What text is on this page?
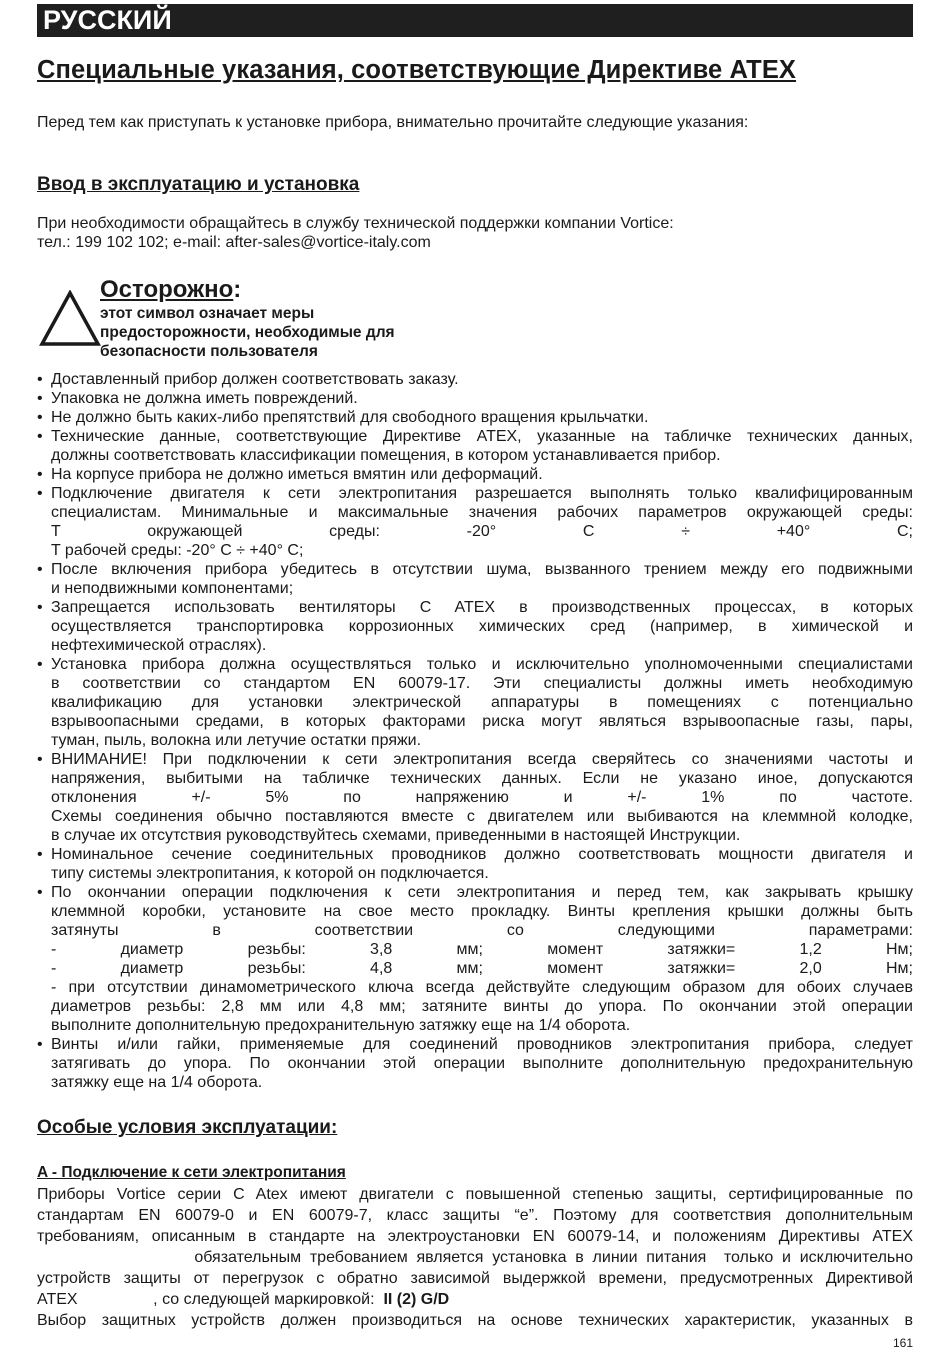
РУССКИЙ
Специальные указания, соответствующие Директиве ATEX

Перед тем как приступать к установке прибора, внимательно прочитайте следующие указания:

Ввод в эксплуатацию и установка

При необходимости обращайтесь в службу технической поддержки компании Vortice:

тел.: 199 102 102; e-mail: after-sales@vortice-italy.com

Осторожно:

этот символ означает меры
предосторожности, необходимые для
безопасности пользователя

• Доставленный прибор должен соответствовать заказу.
• Упаковка не должна иметь повреждений.
• Не должно быть каких-либо препятствий для свободного вращения крыльчатки.
• Технические данные, соответствующие Директиве ATEX, указанные на табличке технических данных,
должны соответствовать классификации помещения, в котором устанавливается прибор.
• На корпусе прибора не должно иметься вмятин или деформаций.
• Подключение двигателя к сети электропитания разрешается выполнять только квалифицированным
специалистам. Минимальные и максимальные значения рабочих параметров окружающей среды:
T окружающей среды: -20° C ÷ +40° C;
T рабочей среды: -20° C ÷ +40° C;
• После включения прибора убедитесь в отсутствии шума, вызванного трением между его подвижными
и неподвижными компонентами;
• Запрещается использовать вентиляторы C ATEX в производственных процессах, в которых
осуществляется транспортировка коррозионных химических сред (например, в химической и
нефтехимической отраслях).
• Установка прибора должна осуществляться только и исключительно уполномоченными специалистами
в соответствии со стандартом EN 60079-17. Эти специалисты должны иметь необходимую
квалификацию для установки электрической аппаратуры в помещениях с потенциально
взрывоопасными средами, в которых факторами риска могут являться взрывоопасные газы, пары,
туман, пыль, волокна или летучие остатки пряжи.
• ВНИМАНИЕ! При подключении к сети электропитания всегда сверяйтесь со значениями частоты и
напряжения, выбитыми на табличке технических данных. Если не указано иное, допускаются
отклонения +/- 5% по напряжению и +/- 1% по частоте.
Схемы соединения обычно поставляются вместе с двигателем или выбиваются на клеммной колодке,
в случае их отсутствия руководствуйтесь схемами, приведенными в настоящей Инструкции.
• Номинальное сечение соединительных проводников должно соответствовать мощности двигателя и
типу системы электропитания, к которой он подключается.
• По окончании операции подключения к сети электропитания и перед тем, как закрывать крышку
клеммной коробки, установите на свое место прокладку. Винты крепления крышки должны быть
затянуты в соответствии со следующими параметрами:
- диаметр резьбы: 3,8 мм; момент затяжки= 1,2 Нм;
- диаметр резьбы: 4,8 мм; момент затяжки= 2,0 Нм;
- при отсутствии динамометрического ключа всегда действуйте следующим образом для обоих случаев
диаметров резьбы: 2,8 мм или 4,8 мм; затяните винты до упора. По окончании этой операции
выполните дополнительную предохранительную затяжку еще на 1/4 оборота.
• Винты и/или гайки, применяемые для соединений проводников электропитания прибора, следует
затягивать до упора. По окончании этой операции выполните дополнительную предохранительную
затяжку еще на 1/4 оборота.
Особые условия эксплуатации:
A - Подключение к сети электропитания
Приборы Vortice серии C Atex имеют двигатели с повышенной степенью защиты, сертифицированные по
стандартам EN 60079-0 и EN 60079-7, класс защиты “e”. Поэтому для соответствия дополнительным
требованиям, описанным в стандарте на электроустановки EN 60079-14, и положениям Директивы ATEX
обязательным требованием является установка в линии питания  только и исключительно
устройств защиты от перегрузок с обратно зависимой выдержкой времени, предусмотренных Директивой
ATEX                 , со следующей маркировкой:  II (2) G/D
Выбор защитных устройств должен производиться на основе технических характеристик, указанных в
161
